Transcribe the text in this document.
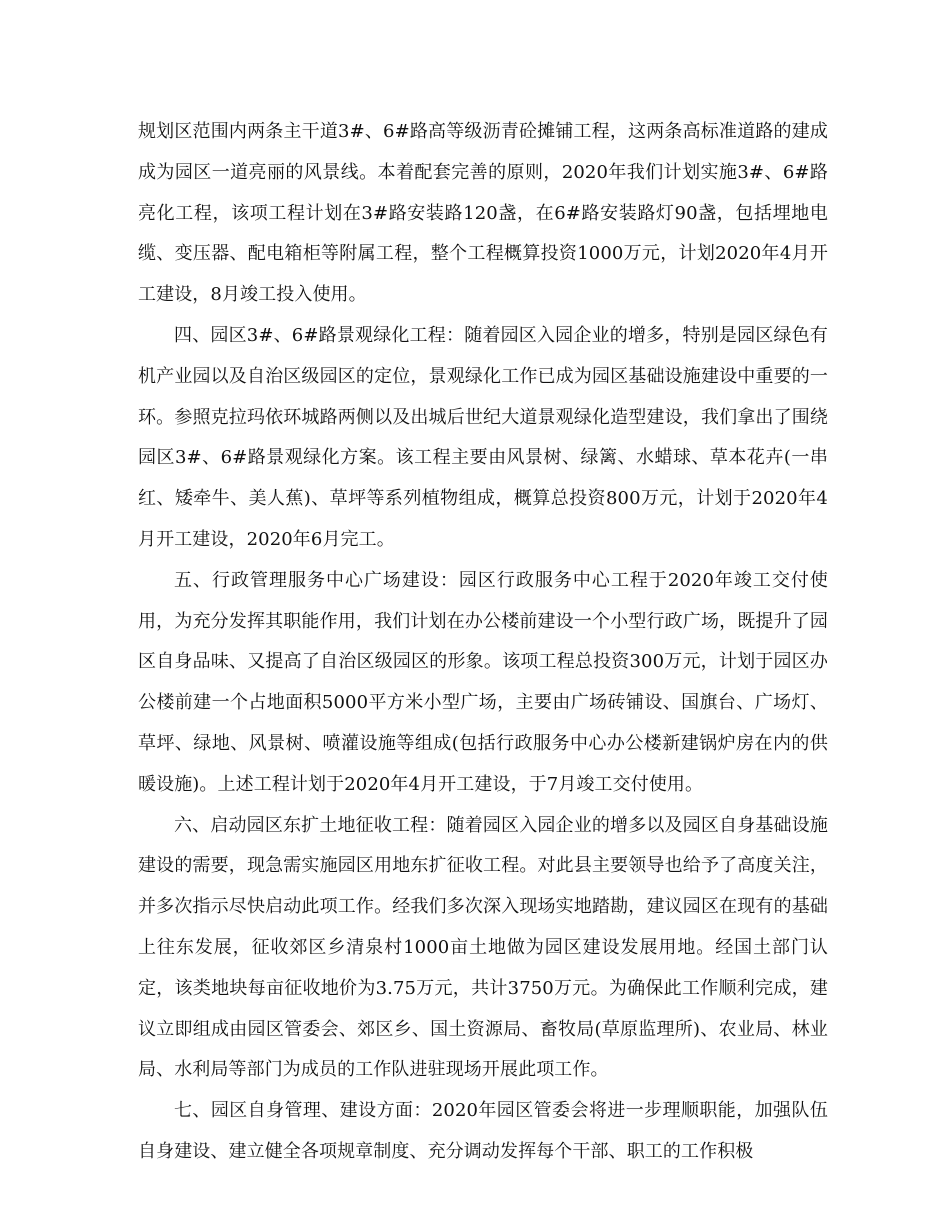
规划区范围内两条主干道3#、6#路高等级沥青砼摊铺工程，这两条高标准道路的建成成为园区一道亮丽的风景线。本着配套完善的原则，2020年我们计划实施3#、6#路亮化工程，该项工程计划在3#路安装路120盏，在6#路安装路灯90盏，包括埋地电缆、变压器、配电箱柜等附属工程，整个工程概算投资1000万元，计划2020年4月开工建设，8月竣工投入使用。

四、园区3#、6#路景观绿化工程：随着园区入园企业的增多，特别是园区绿色有机产业园以及自治区级园区的定位，景观绿化工作已成为园区基础设施建设中重要的一环。参照克拉玛依环城路两侧以及出城后世纪大道景观绿化造型建设，我们拿出了围绕园区3#、6#路景观绿化方案。该工程主要由风景树、绿篱、水蜡球、草本花卉(一串红、矮牵牛、美人蕉)、草坪等系列植物组成，概算总投资800万元，计划于2020年4月开工建设，2020年6月完工。

五、行政管理服务中心广场建设：园区行政服务中心工程于2020年竣工交付使用，为充分发挥其职能作用，我们计划在办公楼前建设一个小型行政广场，既提升了园区自身品味、又提高了自治区级园区的形象。该项工程总投资300万元，计划于园区办公楼前建一个占地面积5000平方米小型广场，主要由广场砖铺设、国旗台、广场灯、草坪、绿地、风景树、喷灌设施等组成(包括行政服务中心办公楼新建锅炉房在内的供暖设施)。上述工程计划于2020年4月开工建设，于7月竣工交付使用。

六、启动园区东扩土地征收工程：随着园区入园企业的增多以及园区自身基础设施建设的需要，现急需实施园区用地东扩征收工程。对此县主要领导也给予了高度关注，并多次指示尽快启动此项工作。经我们多次深入现场实地踏勘，建议园区在现有的基础上往东发展，征收郊区乡清泉村1000亩土地做为园区建设发展用地。经国土部门认定，该类地块每亩征收地价为3.75万元，共计3750万元。为确保此工作顺利完成，建议立即组成由园区管委会、郊区乡、国土资源局、畜牧局(草原监理所)、农业局、林业局、水利局等部门为成员的工作队进驻现场开展此项工作。

七、园区自身管理、建设方面：2020年园区管委会将进一步理顺职能，加强队伍自身建设、建立健全各项规章制度、充分调动发挥每个干部、职工的工作积极
